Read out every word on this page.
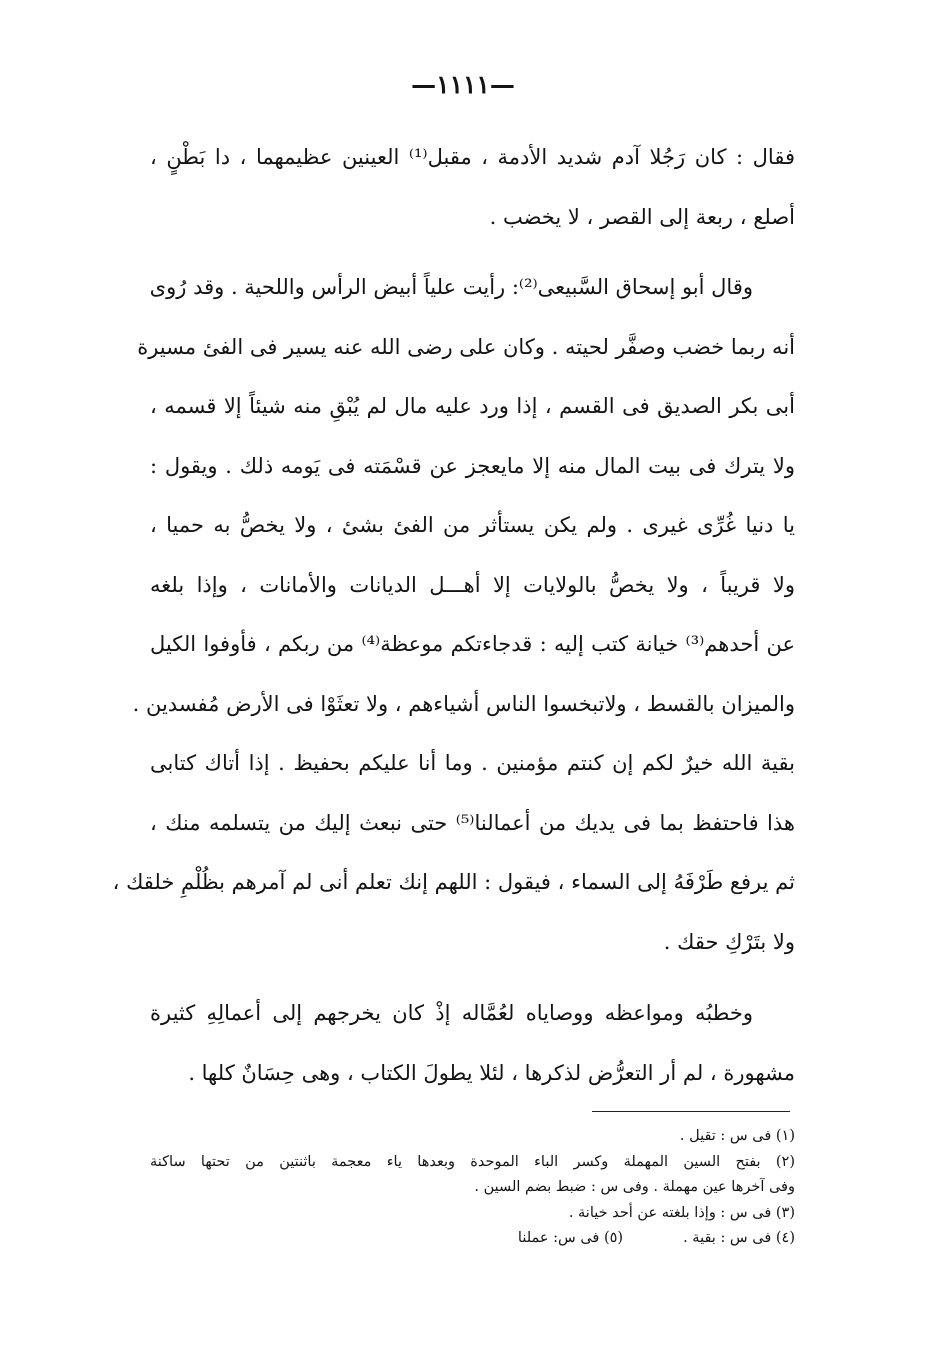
—١١١١—
فقال : كان رَجُلا آدم شديد الأدمة ، مقبل⁽¹⁾ العينين عظيمهما ، دا بَطْنٍ ،
أصلع ، ربعة إلى القصر ، لا يخضب .
وقال أبو إسحاق السَّبيعى⁽²⁾: رأيت علياً أبيض الرأس واللحية . وقد رُوى
أنه ربما خضب وصفَّر لحيته . وكان على رضى الله عنه يسير فى الفئ مسيرة
أبى بكر الصديق فى القسم ، إذا ورد عليه مال لم يُبْقِ منه شيئاً إلا قسمه ،
ولا يترك فى بيت المال منه إلا مايعجز عن قسْمَته فى يَومه ذلك . ويقول :
يا دنيا غُرِّى غيرى . ولم يكن يستأثر من الفئ بشئ ، ولا يخصُّ به حميا ،
ولا قريباً ، ولا يخصُّ بالولايات إلا أهـــل الديانات والأمانات ، وإذا بلغه
عن أحدهم⁽³⁾ خيانة كتب إليه : قدجاءتكم موعظة⁽⁴⁾ من ربكم ، فأوفوا الكيل
والميزان بالقسط ، ولاتبخسوا الناس أشياءهم ، ولا تعثَوْا فى الأرض مُفسدين .
بقية الله خيرٌ لكم إن كنتم مؤمنين . وما أنا عليكم بحفيظ . إذا أتاك كتابى
هذا فاحتفظ بما فى يديك من أعمالنا⁽⁵⁾ حتى نبعث إليك من يتسلمه منك ،
ثم يرفع طَرْفَهُ إلى السماء ، فيقول : اللهم إنك تعلم أنى لم آمرهم بظُلْمِ خلقك ،
ولا بتَرْكِ حقك .
وخطبُه ومواعظه ووصاياه لعُمَّاله إذْ كان يخرجهم إلى أعمالِهِ كثيرة
مشهورة ، لم أر التعرُّض لذكرها ، لئلا يطولَ الكتاب ، وهى حِسَانٌ كلها .
(١) فى س : تقيل .
(٢) بفتح السين المهملة وكسر الباء الموحدة وبعدها ياء معجمة باثنتين من تحتها ساكنة
وفى آخرها عين مهملة . وفى س : ضبط بضم السين .
(٣) فى س : وإذا بلغته عن أحد خيانة .
(٤) فى س : بقية .
(٥) فى س: عملنا
